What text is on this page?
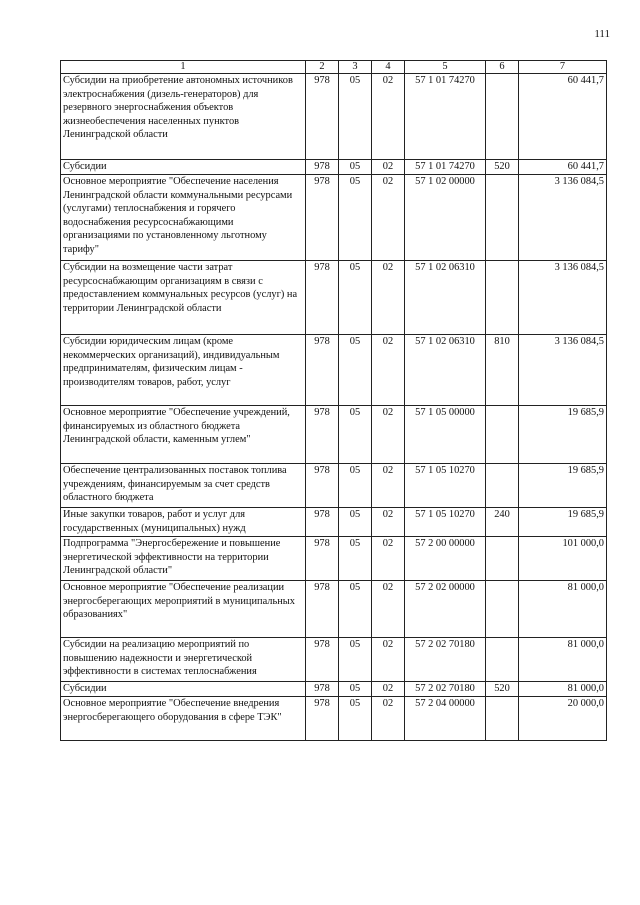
111
1	2	3	4	5	6	7
Субсидии на приобретение автономных источников электроснабжения (дизель-генераторов) для резервного энергоснабжения объектов жизнеобеспечения населенных пунктов Ленинградской области	978	05	02	57 1 01 74270		60 441,7
Субсидии	978	05	02	57 1 01 74270	520	60 441,7
Основное мероприятие "Обеспечение населения Ленинградской области коммунальными ресурсами (услугами) теплоснабжения и горячего водоснабжения ресурсоснабжающими организациями по установленному льготному тарифу"	978	05	02	57 1 02 00000		3 136 084,5
Субсидии на возмещение части затрат ресурсоснабжающим организациям в связи с предоставлением коммунальных ресурсов (услуг) на территории Ленинградской области	978	05	02	57 1 02 06310		3 136 084,5
Субсидии юридическим лицам (кроме некоммерческих организаций), индивидуальным предпринимателям, физическим лицам - производителям товаров, работ, услуг	978	05	02	57 1 02 06310	810	3 136 084,5
Основное мероприятие "Обеспечение учреждений, финансируемых из областного бюджета Ленинградской области, каменным углем"	978	05	02	57 1 05 00000		19 685,9
Обеспечение централизованных поставок топлива учреждениям, финансируемым за счет средств областного бюджета	978	05	02	57 1 05 10270		19 685,9
Иные закупки товаров, работ и услуг для государственных (муниципальных) нужд	978	05	02	57 1 05 10270	240	19 685,9
Подпрограмма "Энергосбережение и повышение энергетической эффективности на территории Ленинградской области"	978	05	02	57 2 00 00000		101 000,0
Основное мероприятие "Обеспечение реализации энергосберегающих мероприятий в муниципальных образованиях"	978	05	02	57 2 02 00000		81 000,0
Субсидии на реализацию мероприятий по повышению надежности и энергетической эффективности в системах теплоснабжения	978	05	02	57 2 02 70180		81 000,0
Субсидии	978	05	02	57 2 02 70180	520	81 000,0
Основное мероприятие "Обеспечение внедрения энергосберегающего оборудования в сфере ТЭК"	978	05	02	57 2 04 00000		20 000,0
